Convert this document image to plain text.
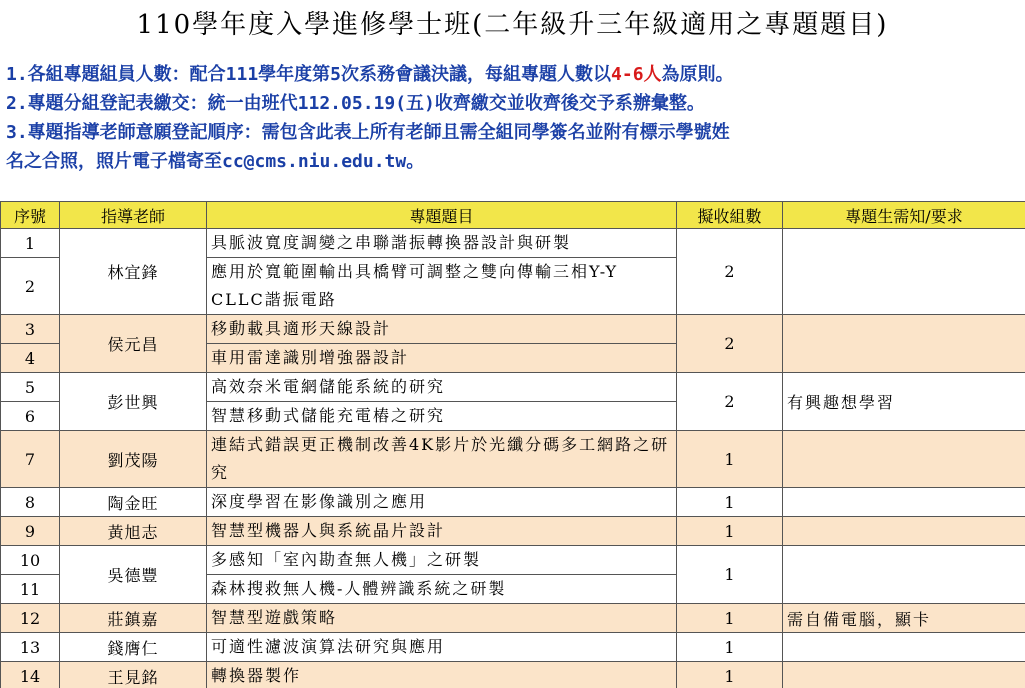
110學年度入學進修學士班(二年級升三年級適用之專題題目)
1.各組專題組員人數：配合111學年度第5次系務會議決議，每組專題人數以4-6人為原則。
2.專題分組登記表繳交：統一由班代112.05.19(五)收齊繳交並收齊後交予系辦彙整。
3.專題指導老師意願登記順序：需包含此表上所有老師且需全組同學簽名並附有標示學號姓
名之合照，照片電子檔寄至cc@cms.niu.edu.tw。
序號	指導老師	專題題目	擬收組數	專題生需知/要求
1	林宜鋒	具脈波寬度調變之串聯諧振轉換器設計與研製	2	
2		應用於寬範圍輸出具橋臂可調整之雙向傳輸三相Y-Y CLLC諧振電路		
3	侯元昌	移動載具適形天線設計	2	
4		車用雷達識別增強器設計		
5	彭世興	高效奈米電網儲能系統的研究	2	有興趣想學習
6		智慧移動式儲能充電樁之研究		
7	劉茂陽	連結式錯誤更正機制改善4K影片於光纖分碼多工網路之研究	1	
8	陶金旺	深度學習在影像識別之應用	1	
9	黃旭志	智慧型機器人與系統晶片設計	1	
10	吳德豐	多感知「室內勘查無人機」之研製	1	
11		森林搜救無人機-人體辨識系統之研製		
12	莊鎮嘉	智慧型遊戲策略	1	需自備電腦，顯卡
13	錢膺仁	可適性濾波演算法研究與應用	1	
14	王見銘	轉換器製作	1	
